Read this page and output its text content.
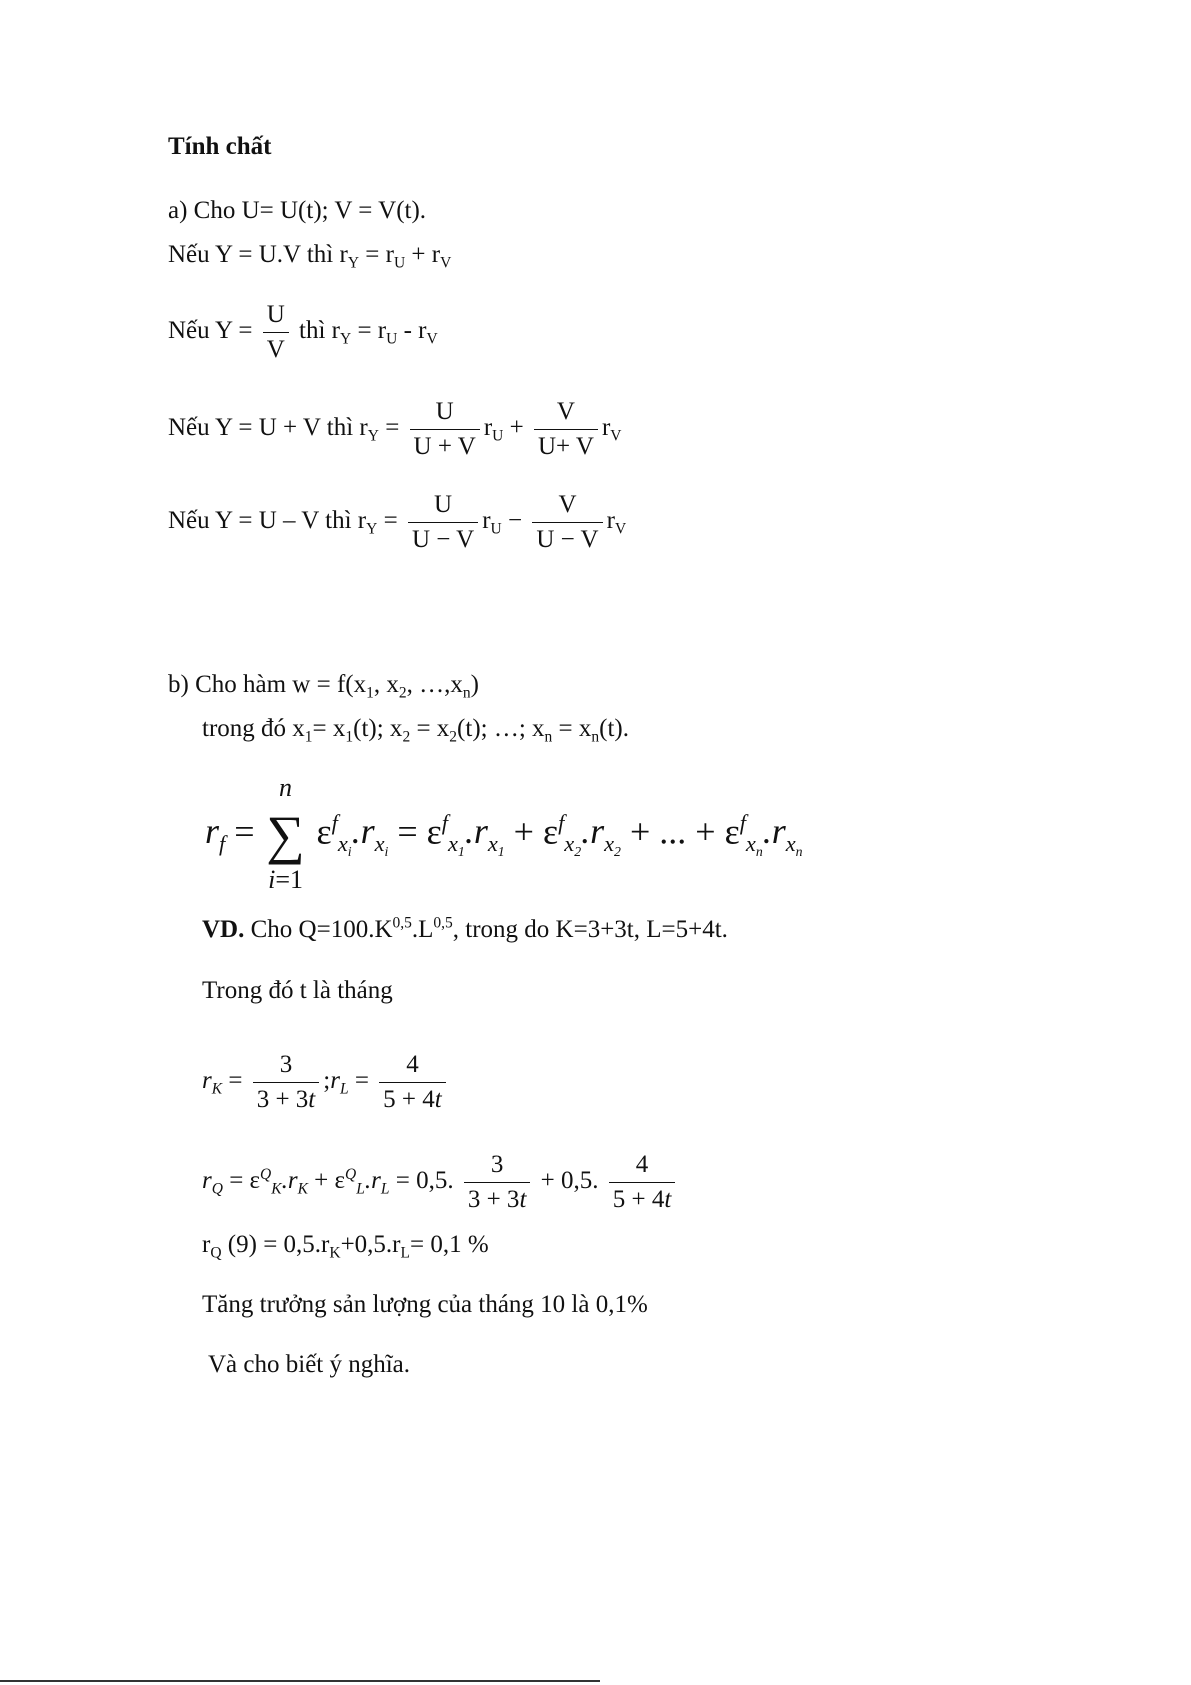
Tính chất
a) Cho U= U(t); V = V(t).
Nếu Y = U.V thì $r_Y = r_U + r_V$
Nếu $Y = \frac{U}{V}$ thì $r_Y = r_U - r_V$
Nếu Y = U + V thì $r_Y = \frac{U}{U + V} r_U + \frac{V}{U+ V} r_V$
Nếu Y = U – V thì $r_Y = \frac{U}{U - V} r_U - \frac{V}{U - V} r_V$
b) Cho hàm $w = f(x_1$, $x_2$, $\dots,x_n$)
trong đó $x_1= x_1(t)$; $x_2 = x_2(t)$; …; $x_n = x_n(t)$.
$r_f$ =
n
∑
i=1
$\varepsilon^f_{x_i}.r_{x_i} = \varepsilon^f_{x_1}.r_{x_1} + \varepsilon^f_{x_2}.r_{x_2}$ + ... + $\varepsilon^f_{x_n}.r_{x_n}$
VD. Cho $Q=100.K^{0,5}.L^{0,5}$, trong do K=3+3t, L=5+4t.
Trong đó t là tháng
$r_K = \frac{3}{3 + 3t}$ $;r_L = \frac{4}{5 + 4t}$
$r_Q = \varepsilon^Q_K.r_K + \varepsilon^Q_L.r_L = 0,5$. $\frac{3}{3 + 3t} + 0,5$. $\frac{4}{5 + 4t}$
$r_Q$ $(9) = 0,5.r_K+0,5.r_L= 0,1$ %
Tăng trưởng sản lượng của tháng 10 là 0,1%
Và cho biết ý nghĩa.
